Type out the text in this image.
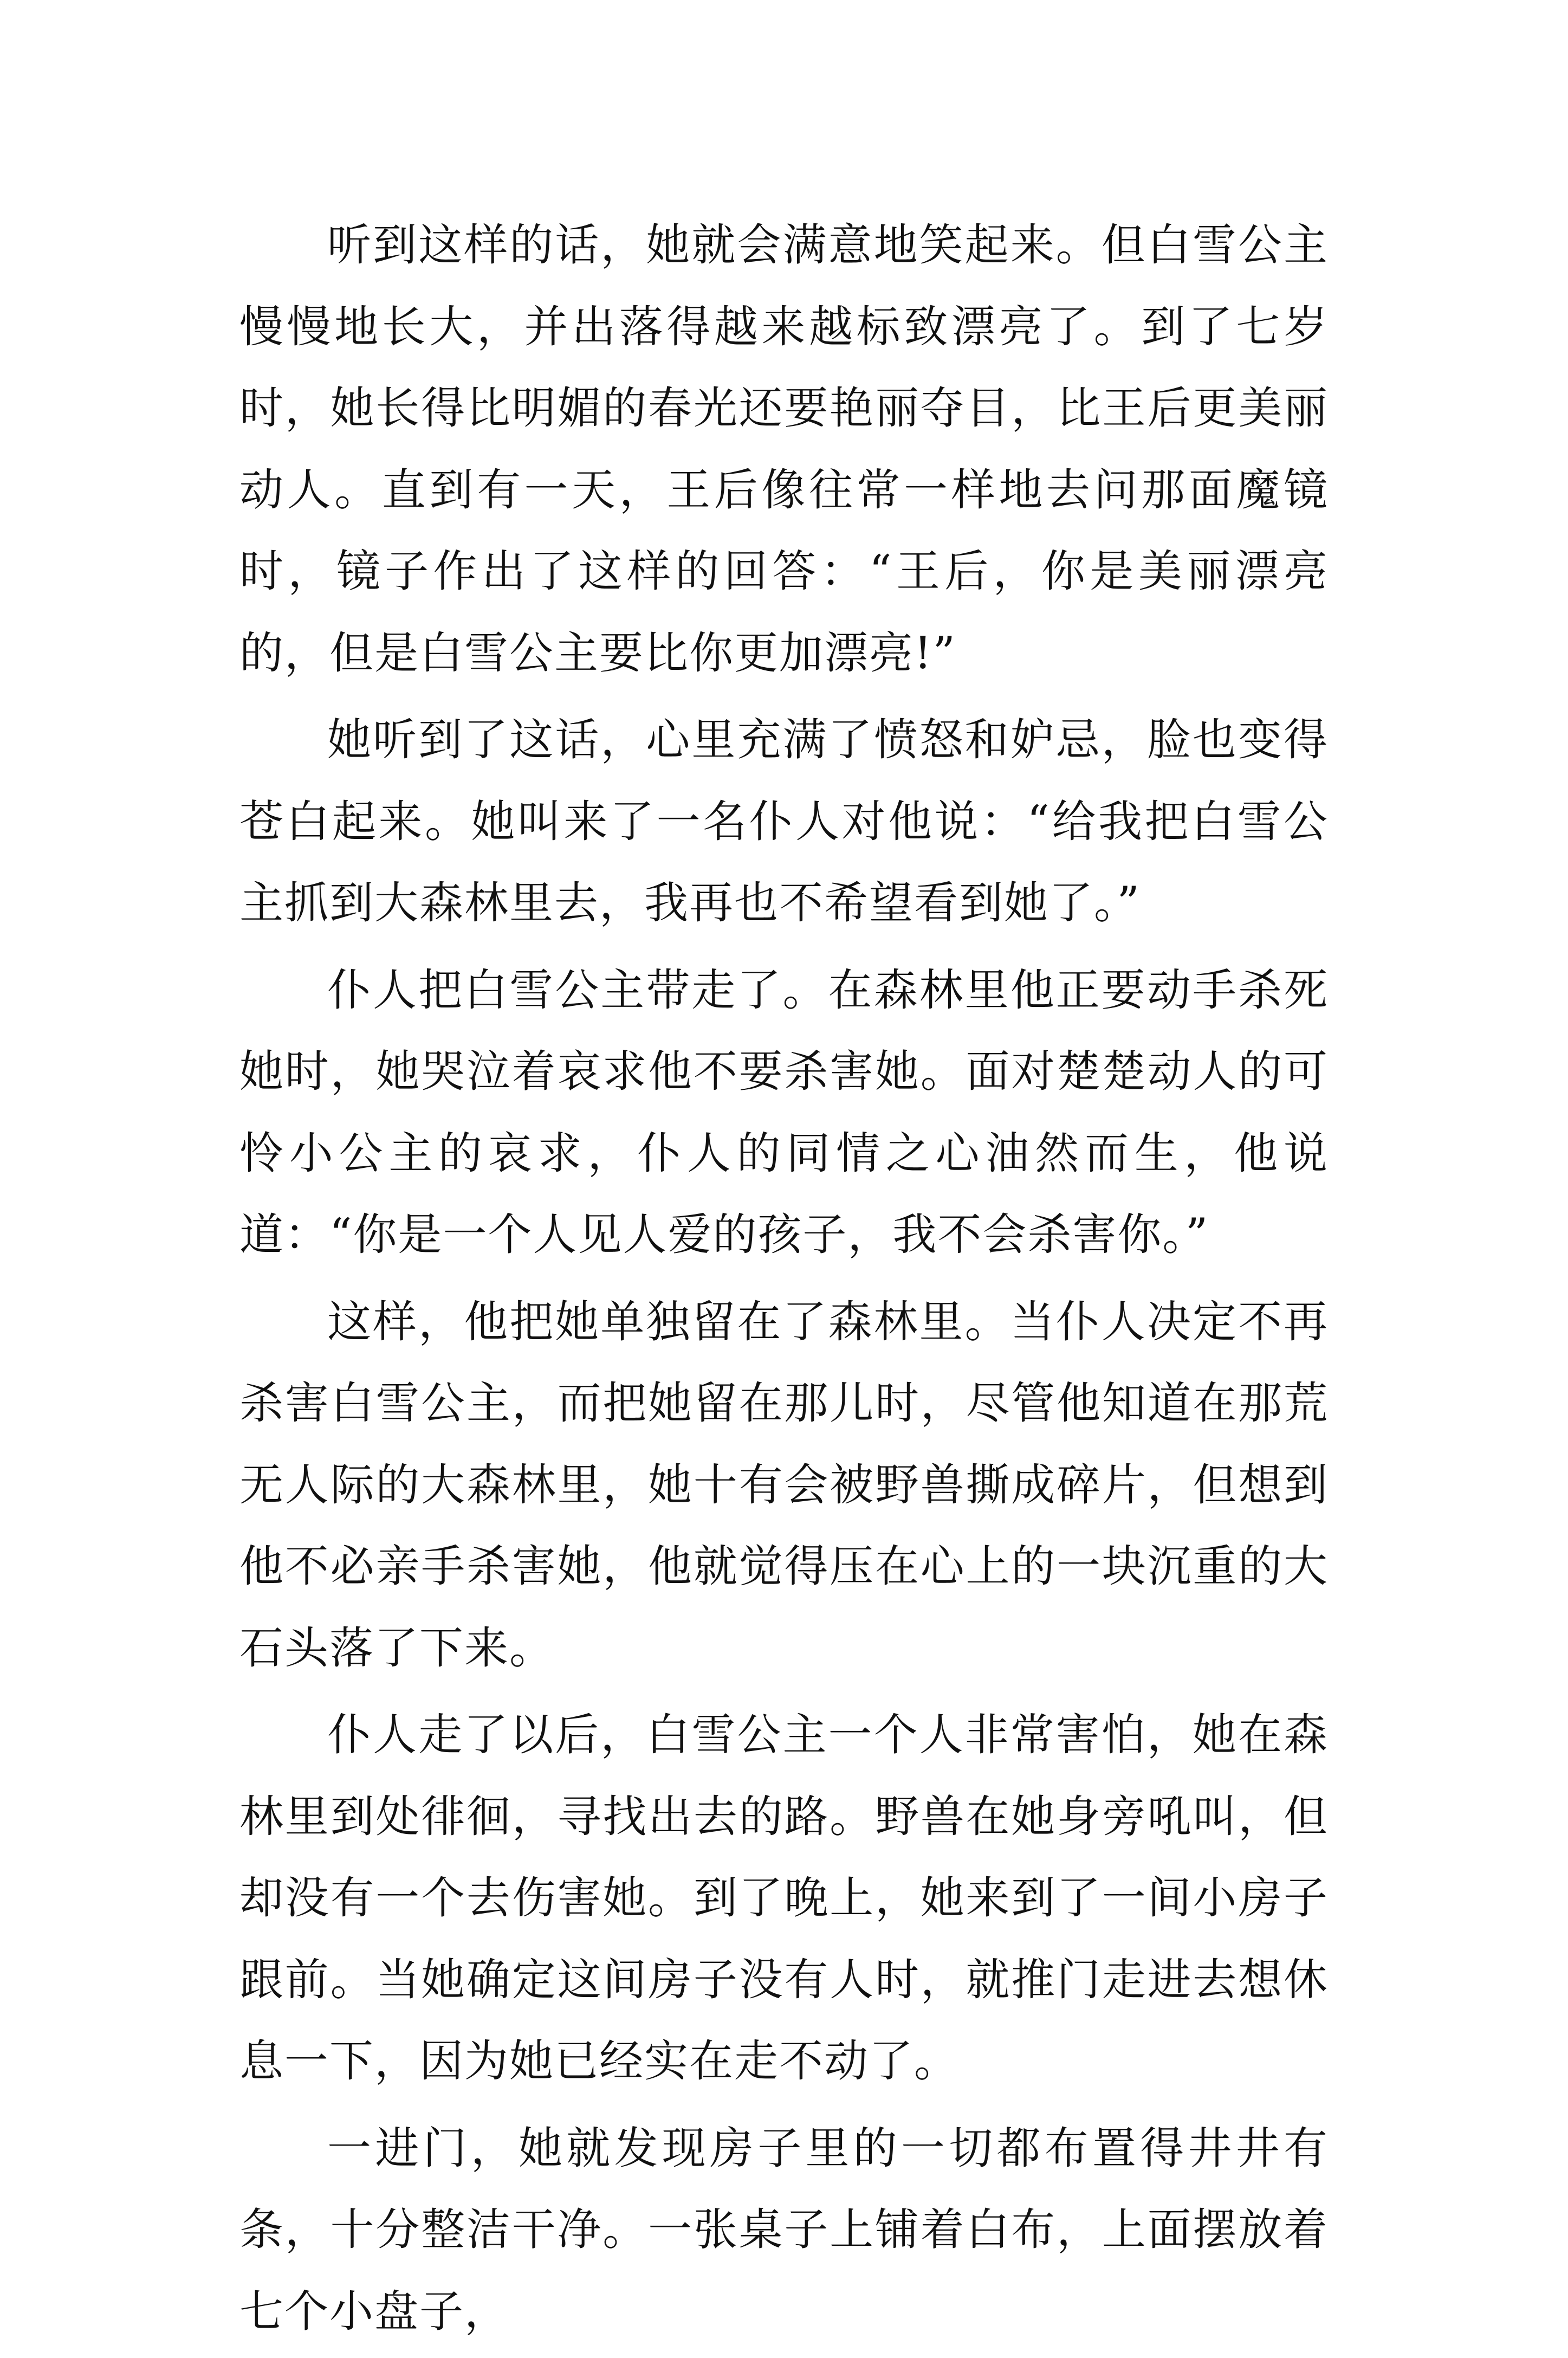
听到这样的话，她就会满意地笑起来。但白雪公主慢慢地长大，并出落得越来越标致漂亮了。到了七岁时，她长得比明媚的春光还要艳丽夺目，比王后更美丽动人。直到有一天，王后像往常一样地去问那面魔镜时，镜子作出了这样的回答：“王后，你是美丽漂亮的，但是白雪公主要比你更加漂亮!”

她听到了这话，心里充满了愤怒和妒忌，脸也变得苍白起来。她叫来了一名仆人对他说：“给我把白雪公主抓到大森林里去，我再也不希望看到她了。”

仆人把白雪公主带走了。在森林里他正要动手杀死她时，她哭泣着哀求他不要杀害她。面对楚楚动人的可怜小公主的哀求，仆人的同情之心油然而生，他说道：“你是一个人见人爱的孩子，我不会杀害你。”

这样，他把她单独留在了森林里。当仆人决定不再杀害白雪公主，而把她留在那儿时，尽管他知道在那荒无人际的大森林里，她十有会被野兽撕成碎片，但想到他不必亲手杀害她，他就觉得压在心上的一块沉重的大石头落了下来。

仆人走了以后，白雪公主一个人非常害怕，她在森林里到处徘徊，寻找出去的路。野兽在她身旁吼叫，但却没有一个去伤害她。到了晚上，她来到了一间小房子跟前。当她确定这间房子没有人时，就推门走进去想休息一下，因为她已经实在走不动了。

一进门，她就发现房子里的一切都布置得井井有条，十分整洁干净。一张桌子上铺着白布，上面摆放着七个小盘子，
